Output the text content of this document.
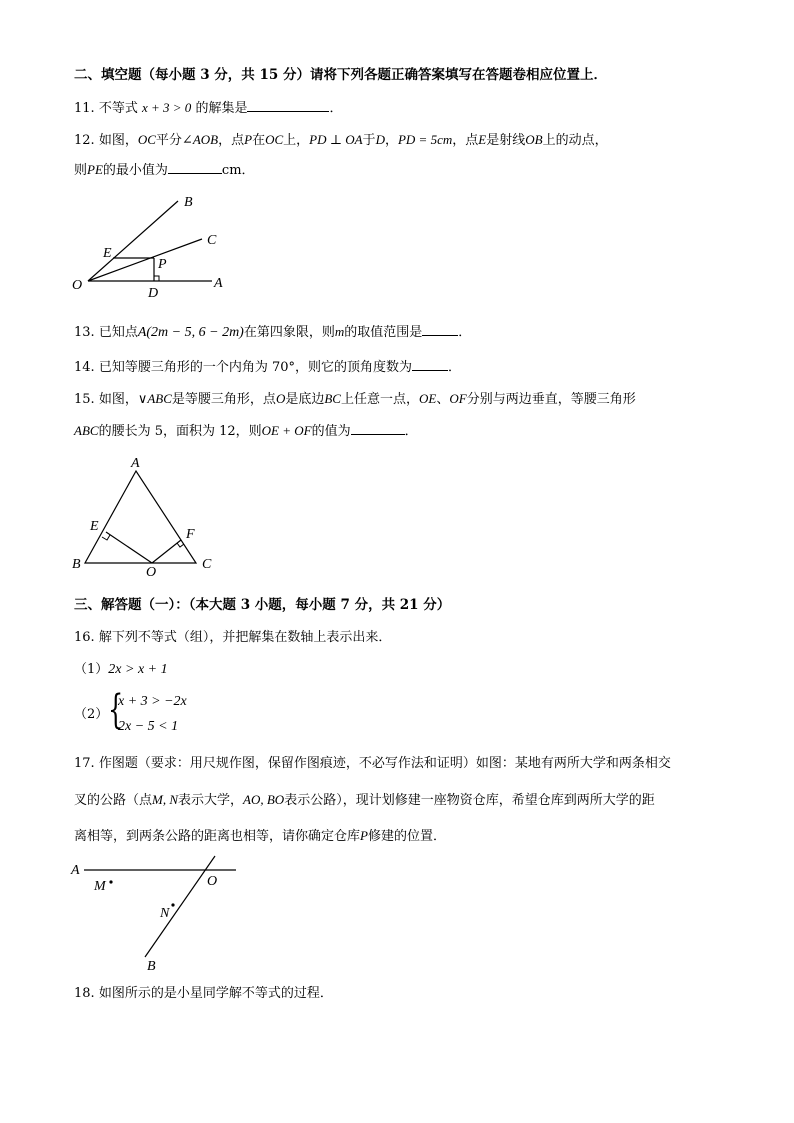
二、填空题（每小题 3 分，共 15 分）请将下列各题正确答案填写在答题卷相应位置上．
11. 不等式 x + 3 > 0 的解集是	．
12. 如图，OC平分∠AOB，点P在OC上，PD ⊥ OA于D，PD = 5cm，点E是射线OB上的动点，
则PE的最小值为	cm．
B
C
E
P
O
D
A
13. 已知点A(2m − 5, 6 − 2m)在第四象限，则m的取值范围是	．
14. 已知等腰三角形的一个内角为 70°，则它的顶角度数为	．
15. 如图，∨ABC是等腰三角形，点O是底边BC上任意一点，OE、OF分别与两边垂直，等腰三角形
ABC的腰长为 5，面积为 12，则OE + OF的值为	．
A
E
F
B
O
C
三、解答题（一）：（本大题 3 小题，每小题 7 分，共 21 分）
16. 解下列不等式（组），并把解集在数轴上表示出来．
（1）2x > x + 1
（2） {
x + 3 > −2x
2x − 5 < 1
17. 作图题（要求：用尺规作图，保留作图痕迹，不必写作法和证明）如图：某地有两所大学和两条相交
叉的公路（点M, N表示大学，AO, BO表示公路），现计划修建一座物资仓库，希望仓库到两所大学的距
离相等，到两条公路的距离也相等，请你确定仓库P修建的位置．
A
M	O
N
B
18. 如图所示的是小星同学解不等式的过程．
